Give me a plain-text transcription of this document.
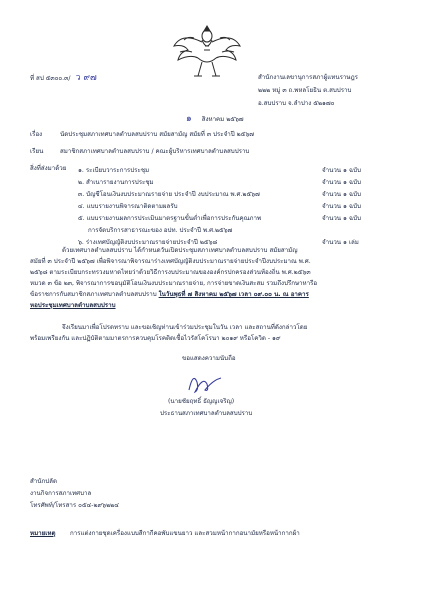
ที่ สป ๕๓๐๐.๓/ ว ๙๗	สำนักงานเลขานุการสภาผู้แทนราษฎร
๒๒๒ หมู่ ๓ ถ.พหลโยธิน ต.สบปราบ
อ.สบปราบ จ.ลำปาง ๕๒๑๗๐
๑ สิงหาคม ๒๕๖๗
เรื่อง	นัดประชุมสภาเทศบาลตำบลสบปราบ สมัยสามัญ สมัยที่ ๓ ประจำปี ๒๕๖๗
เรียน	สมาชิกสภาเทศบาลตำบลสบปราบ / คณะผู้บริหารเทศบาลตำบลสบปราบ
สิ่งที่ส่งมาด้วย ๑. ระเบียบวาระการประชุม	จำนวน ๑ ฉบับ
๒. สำเนารายงานการประชุม	จำนวน ๑ ฉบับ
๓. บัญชีโอนเงินงบประมาณรายจ่าย ประจำปี งบประมาณ พ.ศ.๒๕๖๗	จำนวน ๑ ฉบับ
๔. แบบรายงานพิจารณาติดตามผลรับ	จำนวน ๑ ฉบับ
๕. แบบรายงานผลการประเมินมาตรฐานขั้นต่ำเพื่อการประกันคุณภาพ	จำนวน ๑ ฉบับ
การจัดบริการสาธารณะของ อปท. ประจำปี พ.ศ.๒๕๖๗
๖. ร่างเทศบัญญัติงบประมาณรายจ่ายประจำปี ๒๕๖๘	จำนวน ๑ เล่ม
ด้วยเทศบาลตำบลสบปราบ ได้กำหนดวันเปิดประชุมสภาเทศบาลตำบลสบปราบ สมัยสามัญ
สมัยที่ ๓ ประจำปี ๒๕๖๗ เพื่อพิจารณาพิจารณาร่างเทศบัญญัติงบประมาณรายจ่ายประจำปีงบประมาณ พ.ศ.
๒๕๖๘ ตามระเบียบกระทรวงมหาดไทยว่าด้วยวิธีการงบประมาณขององค์กรปกครองส่วนท้องถิ่น พ.ศ.๒๕๖๓
หมวด ๓ ข้อ ๒๓, พิจารณาการขอนุมัติโอนเงินงบประมาณรายจ่าย, การจ่ายขาดเงินสะสม รวมถึงปรึกษาหารือ
ข้อราชการกับสมาชิกสภาเทศบาลตำบลสบปราบ ในวันพุธที่ ๗ สิงหาคม ๒๕๖๗ เวลา ๐๙.๐๐ น. ณ อาคาร
หอประชุมเทศบาลตำบลสบปราบ
จึงเรียนมาเพื่อโปรดทราบ และขอเชิญท่านเข้าร่วมประชุมในวัน เวลา และสถานที่ดังกล่าวโดย
พร้อมเพรียงกัน และปฏิบัติตามมาตรการควบคุมโรคติดเชื้อไวรัสโคโรนา ๒๐๑๙ หรือโควิด - ๑๙
ขอแสดงความนับถือ
(นายชัยฤทธิ์ ธัญญเจริญ)
ประธานสภาเทศบาลตำบลสบปราบ
สำนักปลัด
งานกิจการสภาเทศบาล
โทรศัพท์/โทรสาร ๐๕๔-๒๙๖๒๒๔
หมายเหตุ การแต่งกายชุดเครื่องแบบสีกากีคอพับแขนยาว และสวมหน้ากากอนามัยหรือหน้ากากผ้า
